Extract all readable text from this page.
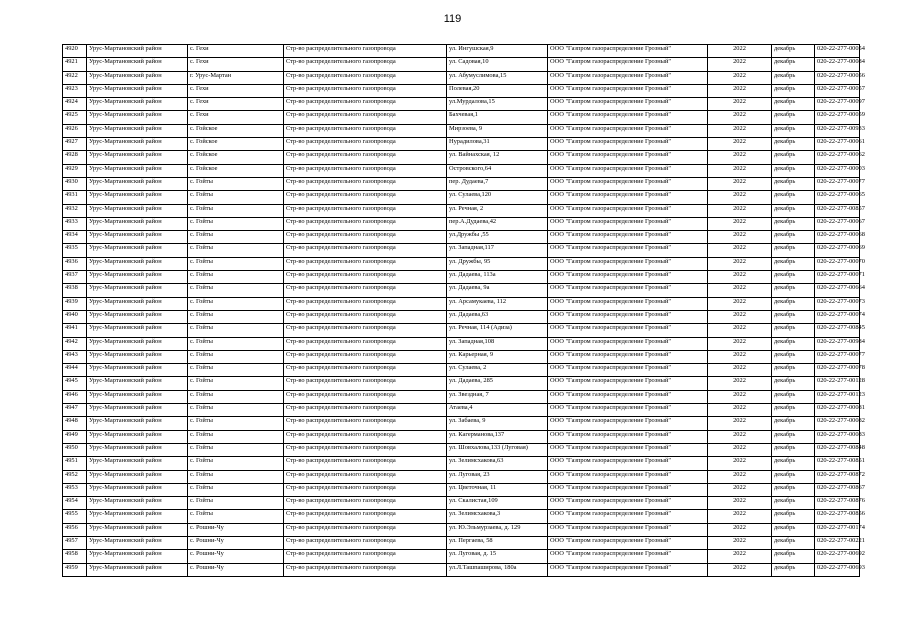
119
4920	Урус-Мартановский район	с. Гехи	Стр-во распределительного газопровода	ул. Ингушская,9	ООО "Газпром газораспределение Грозный"	2022	декабрь	020-22-277-00054
4921	Урус-Мартановский район	с. Гехи	Стр-во распределительного газопровода	ул. Садовая,10	ООО "Газпром газораспределение Грозный"	2022	декабрь	020-22-277-00084
4922	Урус-Мартановский район	г. Урус-Мартан	Стр-во распределительного газопровода	ул. Абумуслимова,15	ООО "Газпром газораспределение Грозный"	2022	декабрь	020-22-277-00056
4923	Урус-Мартановский район	с. Гехи	Стр-во распределительного газопровода	Полевая,20	ООО "Газпром газораспределение Грозный"	2022	декабрь	020-22-277-00057
4924	Урус-Мартановский район	с. Гехи	Стр-во распределительного газопровода	ул.Мурдалова,15	ООО "Газпром газораспределение Грозный"	2022	декабрь	020-22-277-00097
4925	Урус-Мартановский район	с. Гехи	Стр-во распределительного газопровода	Бахчевая,1	ООО "Газпром газораспределение Грозный"	2022	декабрь	020-22-277-00059
4926	Урус-Мартановский район	с. Гойское	Стр-во распределительного газопровода	Мирзоева, 9	ООО "Газпром газораспределение Грозный"	2022	декабрь	020-22-277-00933
4927	Урус-Мартановский район	с. Гойское	Стр-во распределительного газопровода	Нурадилова,31	ООО "Газпром газораспределение Грозный"	2022	декабрь	020-22-277-00061
4928	Урус-Мартановский район	с. Гойское	Стр-во распределительного газопровода	ул. Вайнахская, 12	ООО "Газпром газораспределение Грозный"	2022	декабрь	020-22-277-00062
4929	Урус-Мартановский район	с. Гойское	Стр-во распределительного газопровода	Островского,64	ООО "Газпром газораспределение Грозный"	2022	декабрь	020-22-277-00003
4930	Урус-Мартановский район	с. Гойты	Стр-во распределительного газопровода	пер. Дудаева,7	ООО "Газпром газораспределение Грозный"	2022	декабрь	020-22-277-00077
4931	Урус-Мартановский район	с. Гойты	Стр-во распределительного газопровода	ул. Сулаева,120	ООО "Газпром газораспределение Грозный"	2022	декабрь	020-22-277-00065
4932	Урус-Мартановский район	с. Гойты	Стр-во распределительного газопровода	ул. Речная, 2	ООО "Газпром газораспределение Грозный"	2022	декабрь	020-22-277-00857
4933	Урус-Мартановский район	с. Гойты	Стр-во распределительного газопровода	пер.А.Дудаева,42	ООО "Газпром газораспределение Грозный"	2022	декабрь	020-22-277-00067
4934	Урус-Мартановский район	с. Гойты	Стр-во распределительного газопровода	ул.Дружбы ,55	ООО "Газпром газораспределение Грозный"	2022	декабрь	020-22-277-00068
4935	Урус-Мартановский район	с. Гойты	Стр-во распределительного газопровода	ул. Западная,117	ООО "Газпром газораспределение Грозный"	2022	декабрь	020-22-277-00069
4936	Урус-Мартановский район	с. Гойты	Стр-во распределительного газопровода	ул. Дружбы, 95	ООО "Газпром газораспределение Грозный"	2022	декабрь	020-22-277-00070
4937	Урус-Мартановский район	с. Гойты	Стр-во распределительного газопровода	ул. Дадаева, 113а	ООО "Газпром газораспределение Грозный"	2022	декабрь	020-22-277-00071
4938	Урус-Мартановский район	с. Гойты	Стр-во распределительного газопровода	ул. Дадаева, 9а	ООО "Газпром газораспределение Грозный"	2022	декабрь	020-22-277-00664
4939	Урус-Мартановский район	с. Гойты	Стр-во распределительного газопровода	ул. Арсамукаева, 112	ООО "Газпром газораспределение Грозный"	2022	декабрь	020-22-277-00073
4940	Урус-Мартановский район	с. Гойты	Стр-во распределительного газопровода	ул. Дадаева,63	ООО "Газпром газораспределение Грозный"	2022	декабрь	020-22-277-00074
4941	Урус-Мартановский район	с. Гойты	Стр-во распределительного газопровода	ул. Речная, 114 (Адиза)	ООО "Газпром газораспределение Грозный"	2022	декабрь	020-22-277-00845
4942	Урус-Мартановский район	с. Гойты	Стр-во распределительного газопровода	ул. Западная,108	ООО "Газпром газораспределение Грозный"	2022	декабрь	020-22-277-00984
4943	Урус-Мартановский район	с. Гойты	Стр-во распределительного газопровода	ул. Карьерная, 9	ООО "Газпром газораспределение Грозный"	2022	декабрь	020-22-277-00077
4944	Урус-Мартановский район	с. Гойты	Стр-во распределительного газопровода	ул. Сулаева, 2	ООО "Газпром газораспределение Грозный"	2022	декабрь	020-22-277-00078
4945	Урус-Мартановский район	с. Гойты	Стр-во распределительного газопровода	ул. Дадаева, 285	ООО "Газпром газораспределение Грозный"	2022	декабрь	020-22-277-00128
4946	Урус-Мартановский район	с. Гойты	Стр-во распределительного газопровода	ул. Звездная, 7	ООО "Газпром газораспределение Грозный"	2022	декабрь	020-22-277-00123
4947	Урус-Мартановский район	с. Гойты	Стр-во распределительного газопровода	Атаева,4	ООО "Газпром газораспределение Грозный"	2022	декабрь	020-22-277-00081
4948	Урус-Мартановский район	с. Гойты	Стр-во распределительного газопровода	ул. Забаева, 9	ООО "Газпром газораспределение Грозный"	2022	декабрь	020-22-277-00082
4949	Урус-Мартановский район	с. Гойты	Стр-во распределительного газопровода	ул. Кагерманова,137	ООО "Газпром газораспределение Грозный"	2022	декабрь	020-22-277-00083
4950	Урус-Мартановский район	с. Гойты	Стр-во распределительного газопровода	ул. Шовхалова,133 (Луговая)	ООО "Газпром газораспределение Грозный"	2022	декабрь	020-22-277-00848
4951	Урус-Мартановский район	с. Гойты	Стр-во распределительного газопровода	ул. Зелимсхакова,63	ООО "Газпром газораспределение Грозный"	2022	декабрь	020-22-277-00851
4952	Урус-Мартановский район	с. Гойты	Стр-во распределительного газопровода	ул. Луговая, 23	ООО "Газпром газораспределение Грозный"	2022	декабрь	020-22-277-00872
4953	Урус-Мартановский район	с. Гойты	Стр-во распределительного газопровода	ул. Цветочная, 11	ООО "Газпром газораспределение Грозный"	2022	декабрь	020-22-277-00867
4954	Урус-Мартановский район	с. Гойты	Стр-во распределительного газопровода	ул. Скалистая,109	ООО "Газпром газораспределение Грозный"	2022	декабрь	020-22-277-00876
4955	Урус-Мартановский район	с. Гойты	Стр-во распределительного газопровода	ул. Зелимсхакова,3	ООО "Газпром газораспределение Грозный"	2022	декабрь	020-22-277-00856
4956	Урус-Мартановский район	с. Рошни-Чу	Стр-во распределительного газопровода	ул. Ю.Эльмурзаева, д. 129	ООО "Газпром газораспределение Грозный"	2022	декабрь	020-22-277-00174
4957	Урус-Мартановский район	с. Рошни-Чу	Стр-во распределительного газопровода	ул. Пергаева, 58	ООО "Газпром газораспределение Грозный"	2022	декабрь	020-22-277-00221
4958	Урус-Мартановский район	с. Рошни-Чу	Стр-во распределительного газопровода	ул. Луговая, д. 15	ООО "Газпром газораспределение Грозный"	2022	декабрь	020-22-277-00692
4959	Урус-Мартановский район	с. Рошни-Чу	Стр-во распределительного газопровода	ул.Л.Ташпаширова, 180а	ООО "Газпром газораспределение Грозный"	2022	декабрь	020-22-277-00693
